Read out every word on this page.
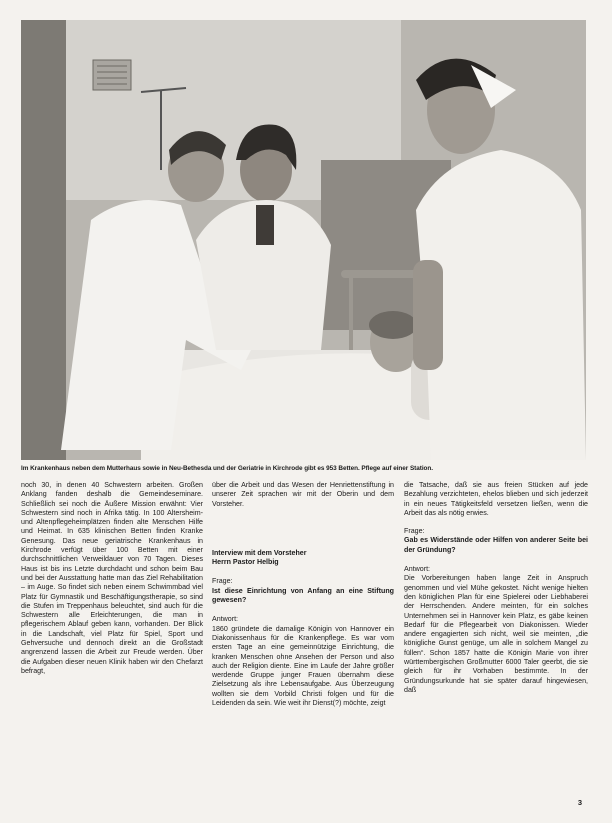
Im Krankenhaus neben dem Mutterhaus sowie in Neu-Bethesda und der Geriatrie in Kirchrode gibt es 953 Betten. Pflege auf einer Station.

noch 30, in denen 40 Schwestern arbeiten. Großen Anklang fanden deshalb die Gemeindeseminare. Schließlich sei noch die Äußere Mission erwähnt: Vier Schwestern sind noch in Afrika tätig. In 100 Altersheim- und Altenpflegeheimplätzen finden alte Menschen Hilfe und Heimat. In 635 klinischen Betten finden Kranke Genesung. Das neue geriatrische Krankenhaus in Kirchrode verfügt über 100 Betten mit einer durchschnittlichen Verweildauer von 70 Tagen. Dieses Haus ist bis ins Letzte durchdacht und schon beim Bau und bei der Ausstattung hatte man das Ziel Rehabilitation – im Auge. So findet sich neben einem Schwimmbad viel Platz für Gymnastik und Beschäftigungstherapie, so sind die Stufen im Treppenhaus beleuchtet, sind auch für die Schwestern alle Erleichterungen, die man in pflegerischem Ablauf geben kann, vorhanden. Der Blick in die Landschaft, viel Platz für Spiel, Sport und Gehversuche und dennoch direkt an die Großstadt angrenzend lassen die Arbeit zur Freude werden. Über die Aufgaben dieser neuen Klinik haben wir den Chefarzt befragt,

über die Arbeit und das Wesen der Henriettenstiftung in unserer Zeit sprachen wir mit der Oberin und dem Vorsteher.

Interview mit dem Vorsteher
Herrn Pastor Helbig

Frage:

Ist diese Einrichtung von Anfang an eine Stiftung gewesen?

Antwort:

1860 gründete die damalige Königin von Hannover ein Diakonissenhaus für die Krankenpflege. Es war vom ersten Tage an eine gemeinnützige Einrichtung, die kranken Menschen ohne Ansehen der Person und also auch der Religion diente. Eine im Laufe der Jahre größer werdende Gruppe junger Frauen übernahm diese Zielsetzung als ihre Lebensaufgabe. Aus Überzeugung wollten sie dem Vorbild Christi folgen und für die Leidenden da sein. Wie weit ihr Dienst(?) möchte, zeigt

die Tatsache, daß sie aus freien Stücken auf jede Bezahlung verzichteten, ehelos blieben und sich jederzeit in ein neues Tätigkeitsfeld versetzen ließen, wenn die Arbeit das als nötig erwies.

Frage:

Gab es Widerstände oder Hilfen von anderer Seite bei der Gründung?

Antwort:

Die Vorbereitungen haben lange Zeit in Anspruch genommen und viel Mühe gekostet. Nicht wenige hielten den königlichen Plan für eine Spielerei oder Liebhaberei der Herrschenden. Andere meinten, für ein solches Unternehmen sei in Hannover kein Platz, es gäbe keinen Bedarf für die Pflegearbeit von Diakonissen. Wieder andere engagierten sich nicht, weil sie meinten, „die königliche Gunst genüge, um alle in solchem Mangel zu füllen“. Schon 1857 hatte die Königin Marie von ihrer württembergischen Großmutter 6000 Taler geerbt, die sie gleich für ihr Vorhaben bestimmte. In der Gründungsurkunde hat sie später darauf hingewiesen, daß

3
